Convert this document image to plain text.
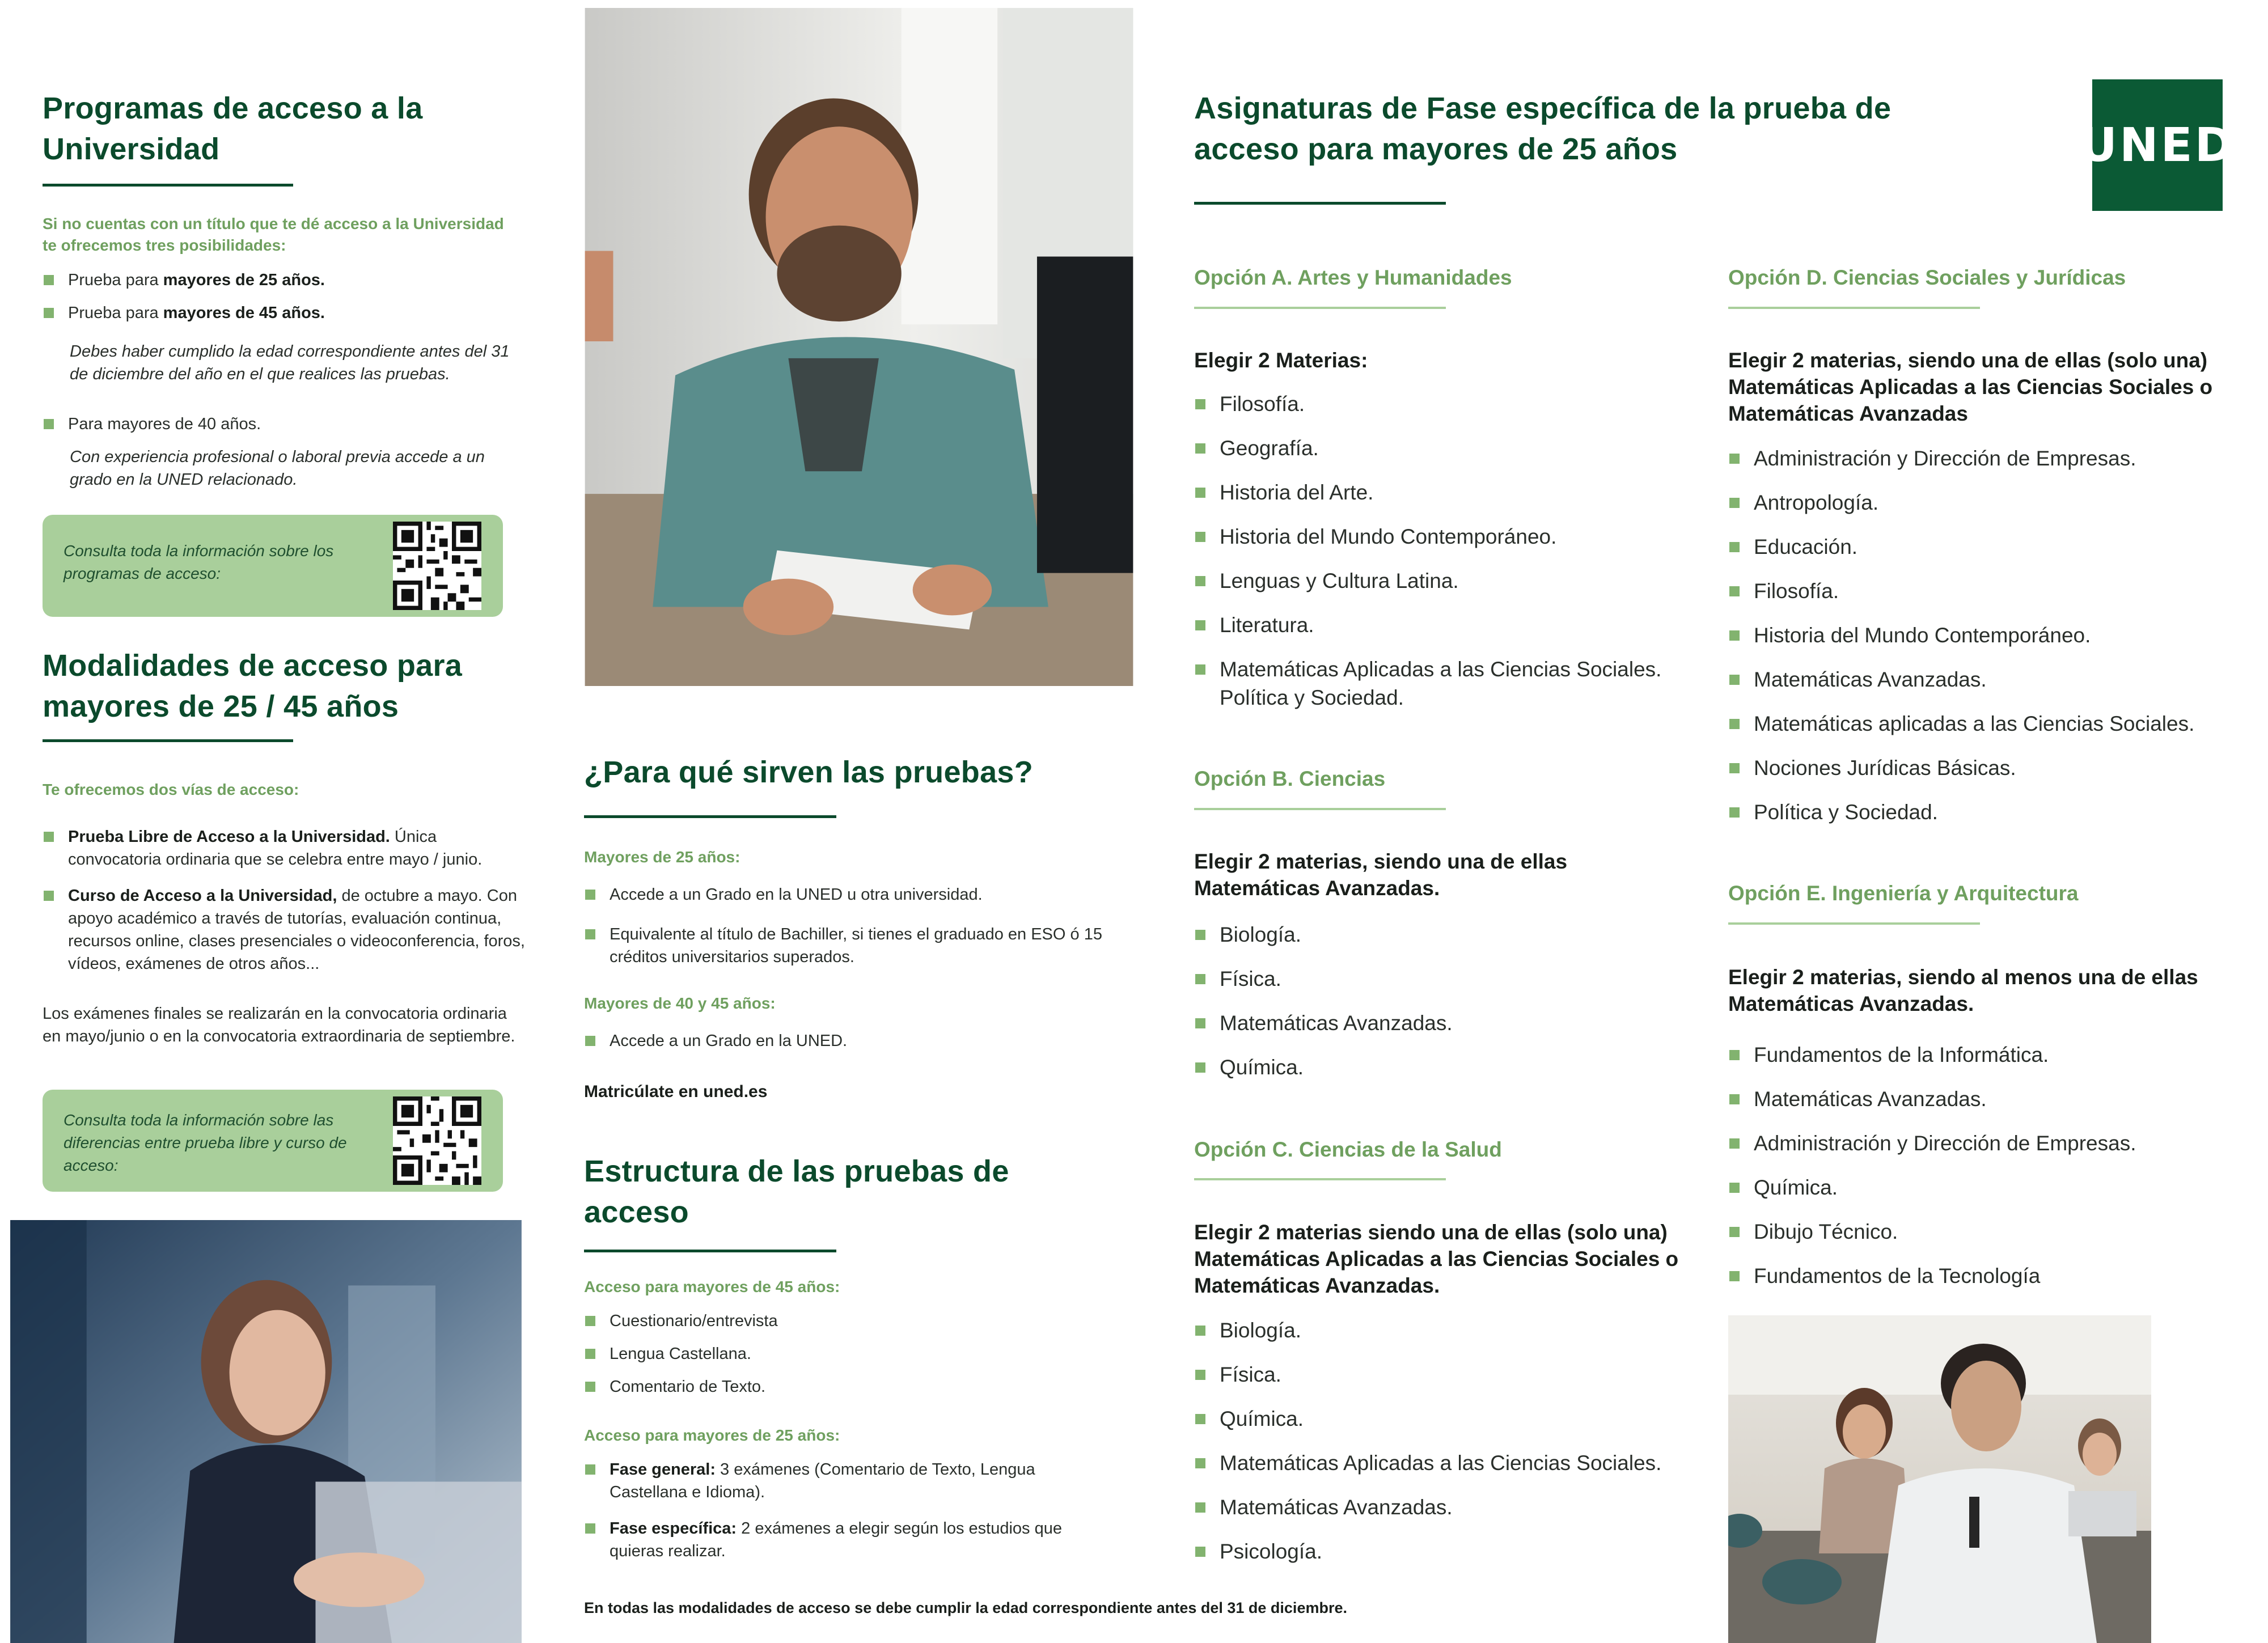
Programas de acceso a la Universidad
Si no cuentas con un título que te dé acceso a la Universidad te ofrecemos tres posibilidades:
Prueba para mayores de 25 años.
Prueba para mayores de 45 años.
Debes haber cumplido la edad correspondiente antes del 31 de diciembre del año en el que realices las pruebas.
Para mayores de 40 años.
Con experiencia profesional o laboral previa accede a un grado en la UNED relacionado.
Consulta toda la información sobre los programas de acceso:
Modalidades de acceso para mayores de 25 / 45 años
Te ofrecemos dos vías de acceso:
Prueba Libre de Acceso a la Universidad. Única convocatoria ordinaria que se celebra entre mayo / junio.
Curso de Acceso a la Universidad, de octubre a mayo. Con apoyo académico a través de tutorías, evaluación continua, recursos online, clases presenciales o videoconferencia, foros, vídeos, exámenes de otros años...
Los exámenes finales se realizarán en la convocatoria ordinaria en mayo/junio o en la convocatoria extraordinaria de septiembre.
Consulta toda la información sobre las diferencias entre prueba libre y curso de acceso:
¿Para qué sirven las pruebas?
Mayores de 25 años:
Accede a un Grado en la UNED u otra universidad.
Equivalente al título de Bachiller, si tienes el graduado en ESO ó 15 créditos universitarios superados.
Mayores de 40 y 45 años:
Accede a un Grado en la UNED.
Matricúlate en uned.es
Estructura de las pruebas de acceso
Acceso para mayores de 45 años:
Cuestionario/entrevista
Lengua Castellana.
Comentario de Texto.
Acceso para mayores de 25 años:
Fase general: 3 exámenes (Comentario de Texto, Lengua Castellana e Idioma).
Fase específica: 2 exámenes a elegir según los estudios que quieras realizar.
En todas las modalidades de acceso se debe cumplir la edad correspondiente antes del 31 de diciembre.
Asignaturas de Fase específica de la prueba de acceso para mayores de 25 años	UNED
Opción A. Artes y Humanidades
Elegir 2 Materias:
Filosofía.
Geografía.
Historia del Arte.
Historia del Mundo Contemporáneo.
Lenguas y Cultura Latina.
Literatura.
Matemáticas Aplicadas a las Ciencias Sociales. Política y Sociedad.
Opción B. Ciencias
Elegir 2 materias, siendo una de ellas Matemáticas Avanzadas.
Biología.
Física.
Matemáticas Avanzadas.
Química.
Opción C. Ciencias de la Salud
Elegir 2 materias siendo una de ellas (solo una) Matemáticas Aplicadas a las Ciencias Sociales o Matemáticas Avanzadas.
Biología.
Física.
Química.
Matemáticas Aplicadas a las Ciencias Sociales.
Matemáticas Avanzadas.
Psicología.
Opción D. Ciencias Sociales y Jurídicas
Elegir 2 materias, siendo una de ellas (solo una) Matemáticas Aplicadas a las Ciencias Sociales o Matemáticas Avanzadas
Administración y Dirección de Empresas.
Antropología.
Educación.
Filosofía.
Historia del Mundo Contemporáneo.
Matemáticas Avanzadas.
Matemáticas aplicadas a las Ciencias Sociales.
Nociones Jurídicas Básicas.
Política y Sociedad.
Opción E. Ingeniería y Arquitectura
Elegir 2 materias, siendo al menos una de ellas Matemáticas Avanzadas.
Fundamentos de la Informática.
Matemáticas Avanzadas.
Administración y Dirección de Empresas.
Química.
Dibujo Técnico.
Fundamentos de la Tecnología
